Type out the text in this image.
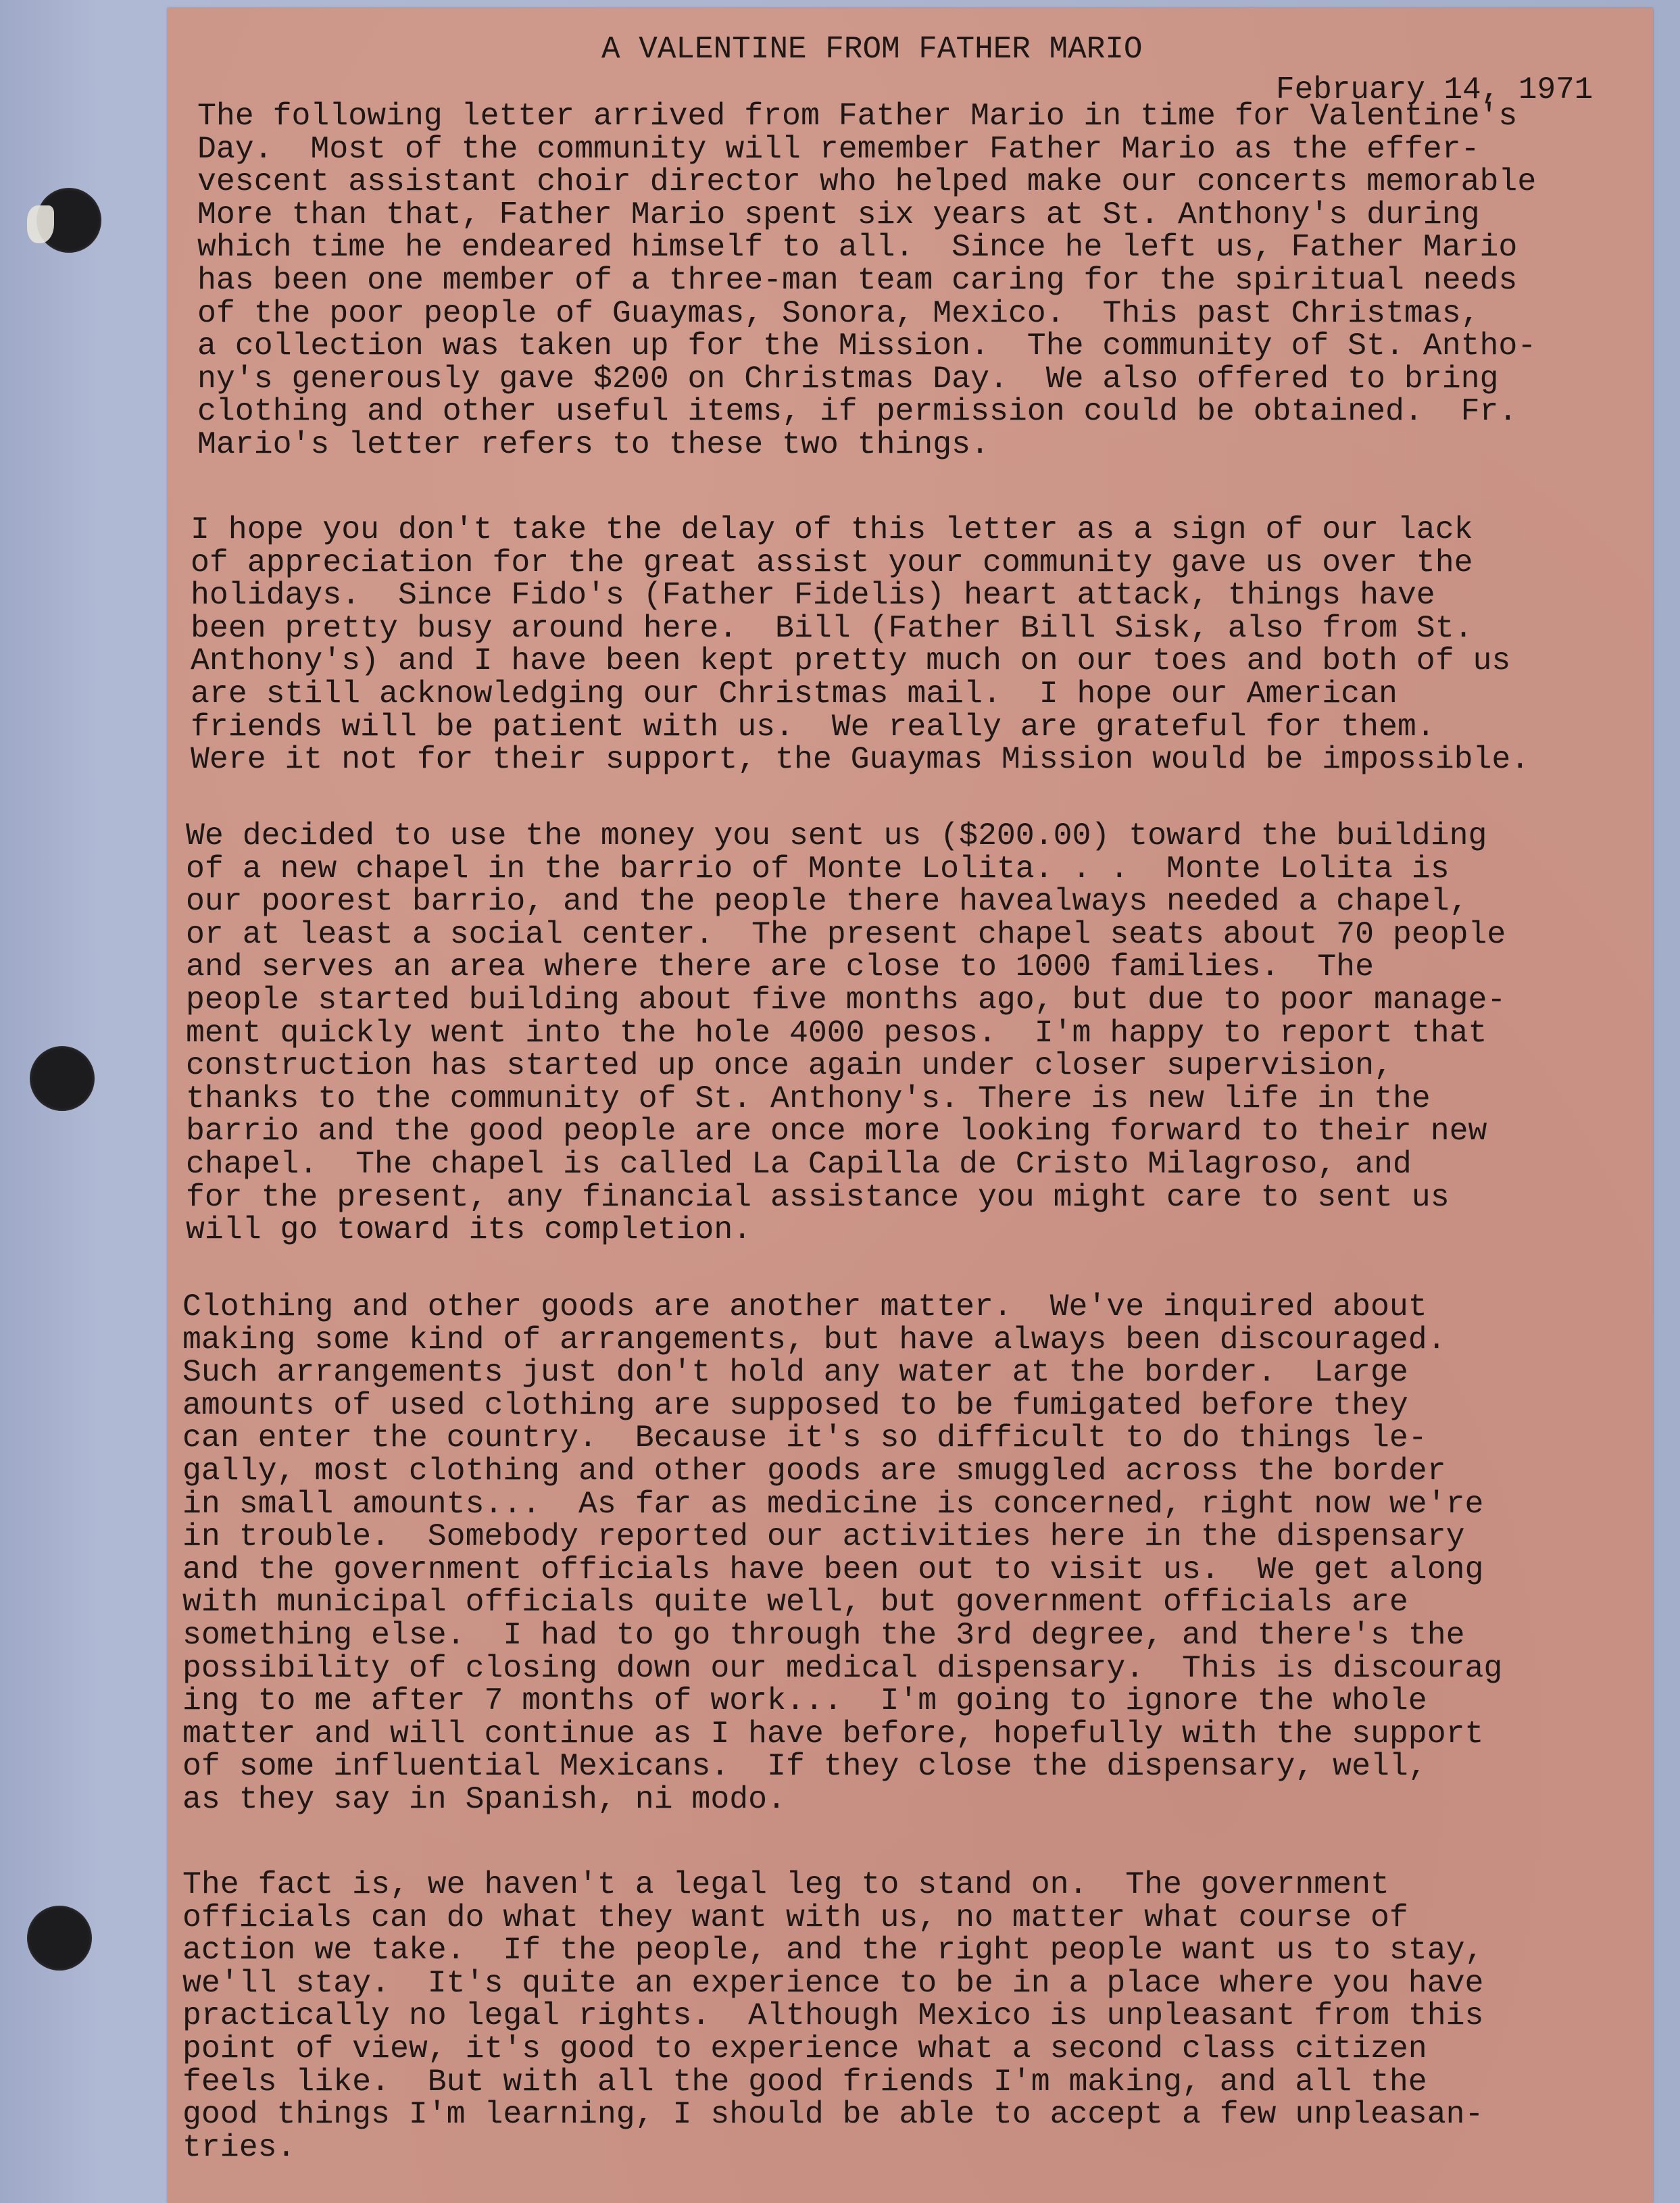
A VALENTINE FROM FATHER MARIO
February 14, 1971
The following letter arrived from Father Mario in time for Valentine's
Day.  Most of the community will remember Father Mario as the effer-
vescent assistant choir director who helped make our concerts memorable
More than that, Father Mario spent six years at St. Anthony's during
which time he endeared himself to all.  Since he left us, Father Mario
has been one member of a three-man team caring for the spiritual needs
of the poor people of Guaymas, Sonora, Mexico.  This past Christmas,
a collection was taken up for the Mission.  The community of St. Antho-
ny's generously gave $200 on Christmas Day.  We also offered to bring
clothing and other useful items, if permission could be obtained.  Fr.
Mario's letter refers to these two things.
I hope you don't take the delay of this letter as a sign of our lack
of appreciation for the great assist your community gave us over the
holidays.  Since Fido's (Father Fidelis) heart attack, things have
been pretty busy around here.  Bill (Father Bill Sisk, also from St.
Anthony's) and I have been kept pretty much on our toes and both of us
are still acknowledging our Christmas mail.  I hope our American
friends will be patient with us.  We really are grateful for them.
Were it not for their support, the Guaymas Mission would be impossible.
We decided to use the money you sent us ($200.00) toward the building
of a new chapel in the barrio of Monte Lolita. . .  Monte Lolita is
our poorest barrio, and the people there havealways needed a chapel,
or at least a social center.  The present chapel seats about 70 people
and serves an area where there are close to 1000 families.  The
people started building about five months ago, but due to poor manage-
ment quickly went into the hole 4000 pesos.  I'm happy to report that
construction has started up once again under closer supervision,
thanks to the community of St. Anthony's. There is new life in the
barrio and the good people are once more looking forward to their new
chapel.  The chapel is called La Capilla de Cristo Milagroso, and
for the present, any financial assistance you might care to sent us
will go toward its completion.
Clothing and other goods are another matter.  We've inquired about
making some kind of arrangements, but have always been discouraged.
Such arrangements just don't hold any water at the border.  Large
amounts of used clothing are supposed to be fumigated before they
can enter the country.  Because it's so difficult to do things le-
gally, most clothing and other goods are smuggled across the border
in small amounts...  As far as medicine is concerned, right now we're
in trouble.  Somebody reported our activities here in the dispensary
and the government officials have been out to visit us.  We get along
with municipal officials quite well, but government officials are
something else.  I had to go through the 3rd degree, and there's the
possibility of closing down our medical dispensary.  This is discourag
ing to me after 7 months of work...  I'm going to ignore the whole
matter and will continue as I have before, hopefully with the support
of some influential Mexicans.  If they close the dispensary, well,
as they say in Spanish, ni modo.
The fact is, we haven't a legal leg to stand on.  The government
officials can do what they want with us, no matter what course of
action we take.  If the people, and the right people want us to stay,
we'll stay.  It's quite an experience to be in a place where you have
practically no legal rights.  Although Mexico is unpleasant from this
point of view, it's good to experience what a second class citizen
feels like.  But with all the good friends I'm making, and all the
good things I'm learning, I should be able to accept a few unpleasan-
tries.
